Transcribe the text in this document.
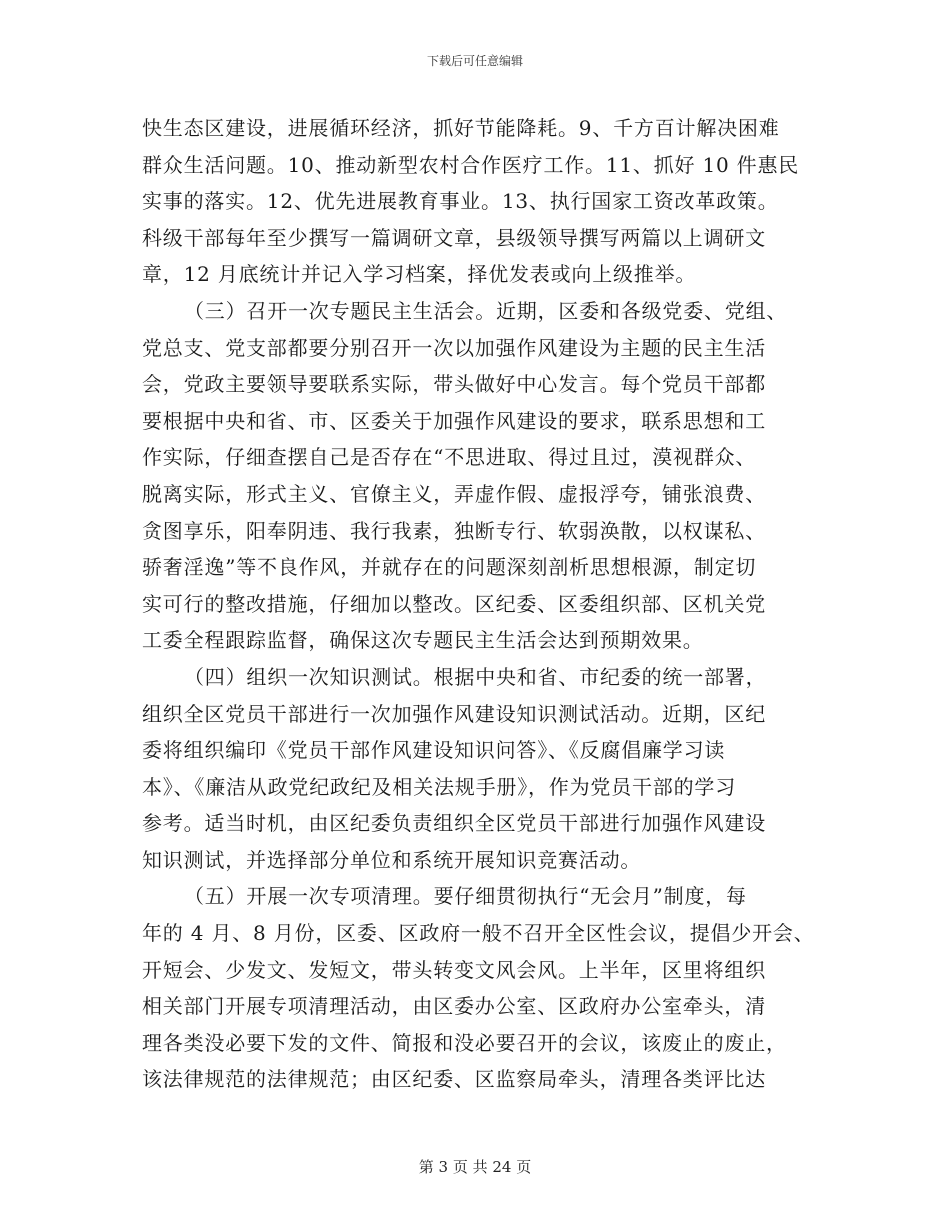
下载后可任意编辑
快生态区建设，进展循环经济，抓好节能降耗。9、千方百计解决困难
群众生活问题。10、推动新型农村合作医疗工作。11、抓好 10 件惠民
实事的落实。12、优先进展教育事业。13、执行国家工资改革政策。
科级干部每年至少撰写一篇调研文章，县级领导撰写两篇以上调研文
章，12 月底统计并记入学习档案，择优发表或向上级推举。
（三）召开一次专题民主生活会。近期，区委和各级党委、党组、
党总支、党支部都要分别召开一次以加强作风建设为主题的民主生活
会，党政主要领导要联系实际，带头做好中心发言。每个党员干部都
要根据中央和省、市、区委关于加强作风建设的要求，联系思想和工
作实际，仔细查摆自己是否存在“不思进取、得过且过，漠视群众、
脱离实际，形式主义、官僚主义，弄虚作假、虚报浮夸，铺张浪费、
贪图享乐，阳奉阴违、我行我素，独断专行、软弱涣散，以权谋私、
骄奢淫逸”等不良作风，并就存在的问题深刻剖析思想根源，制定切
实可行的整改措施，仔细加以整改。区纪委、区委组织部、区机关党
工委全程跟踪监督，确保这次专题民主生活会达到预期效果。
（四）组织一次知识测试。根据中央和省、市纪委的统一部署，
组织全区党员干部进行一次加强作风建设知识测试活动。近期，区纪
委将组织编印《党员干部作风建设知识问答》、《反腐倡廉学习读
本》、《廉洁从政党纪政纪及相关法规手册》，作为党员干部的学习
参考。适当时机，由区纪委负责组织全区党员干部进行加强作风建设
知识测试，并选择部分单位和系统开展知识竞赛活动。
（五）开展一次专项清理。要仔细贯彻执行“无会月”制度，每
年的 4 月、8 月份，区委、区政府一般不召开全区性会议，提倡少开会、
开短会、少发文、发短文，带头转变文风会风。上半年，区里将组织
相关部门开展专项清理活动，由区委办公室、区政府办公室牵头，清
理各类没必要下发的文件、简报和没必要召开的会议，该废止的废止，
该法律规范的法律规范；由区纪委、区监察局牵头，清理各类评比达
第 3 页 共 24 页
